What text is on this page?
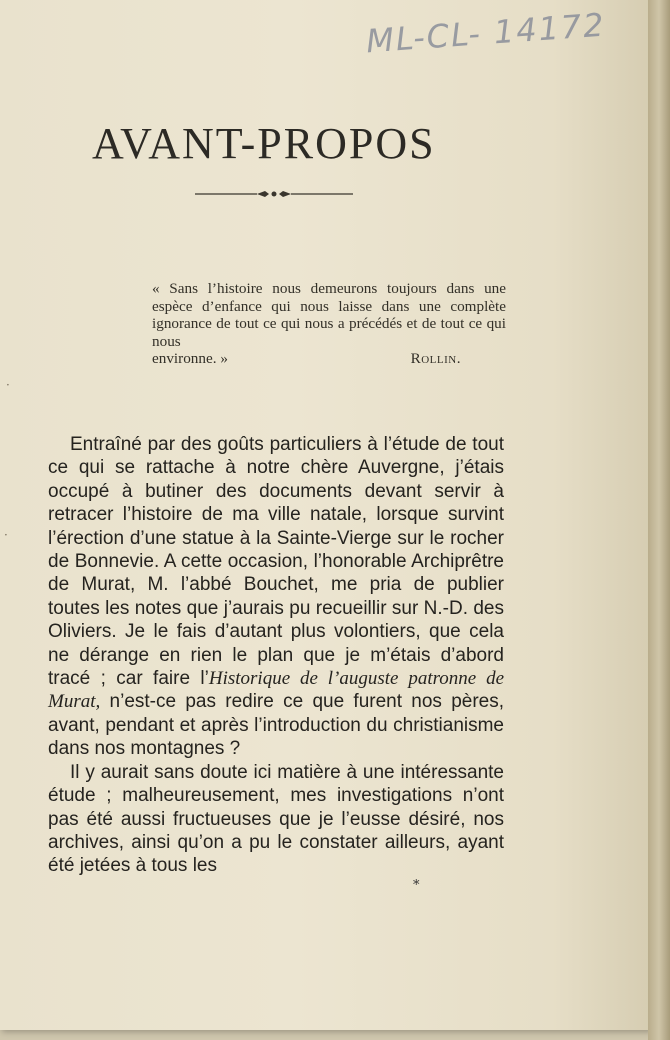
ML-CL- 14172
AVANT-PROPOS

« Sans l’histoire nous demeurons toujours dans une espèce d’enfance qui nous laisse dans une complète ignorance de tout ce qui nous a précédés et de tout ce qui nous

environne. »	Rollin.

Entraîné par des goûts particuliers à l’étude de tout ce qui se rattache à notre chère Auvergne, j’étais occupé à butiner des documents devant servir à retracer l’histoire de ma ville natale, lorsque survint l’érection d’une statue à la Sainte-Vierge sur le rocher de Bonnevie. A cette occasion, l’honorable Archiprêtre de Murat, M. l’abbé Bouchet, me pria de publier toutes les notes que j’aurais pu recueillir sur N.-D. des Oliviers. Je le fais d’autant plus volontiers, que cela ne dérange en rien le plan que je m’étais d’abord tracé ; car faire l’Historique de l’auguste patronne de Murat, n’est-ce pas redire ce que furent nos pères, avant, pendant et après l’introduction du christianisme dans nos montagnes ?

Il y aurait sans doute ici matière à une intéressante étude ; malheureusement, mes investigations n’ont pas été aussi fructueuses que je l’eusse désiré, nos archives, ainsi qu’on a pu le constater ailleurs, ayant été jetées à tous les

*
·
·
